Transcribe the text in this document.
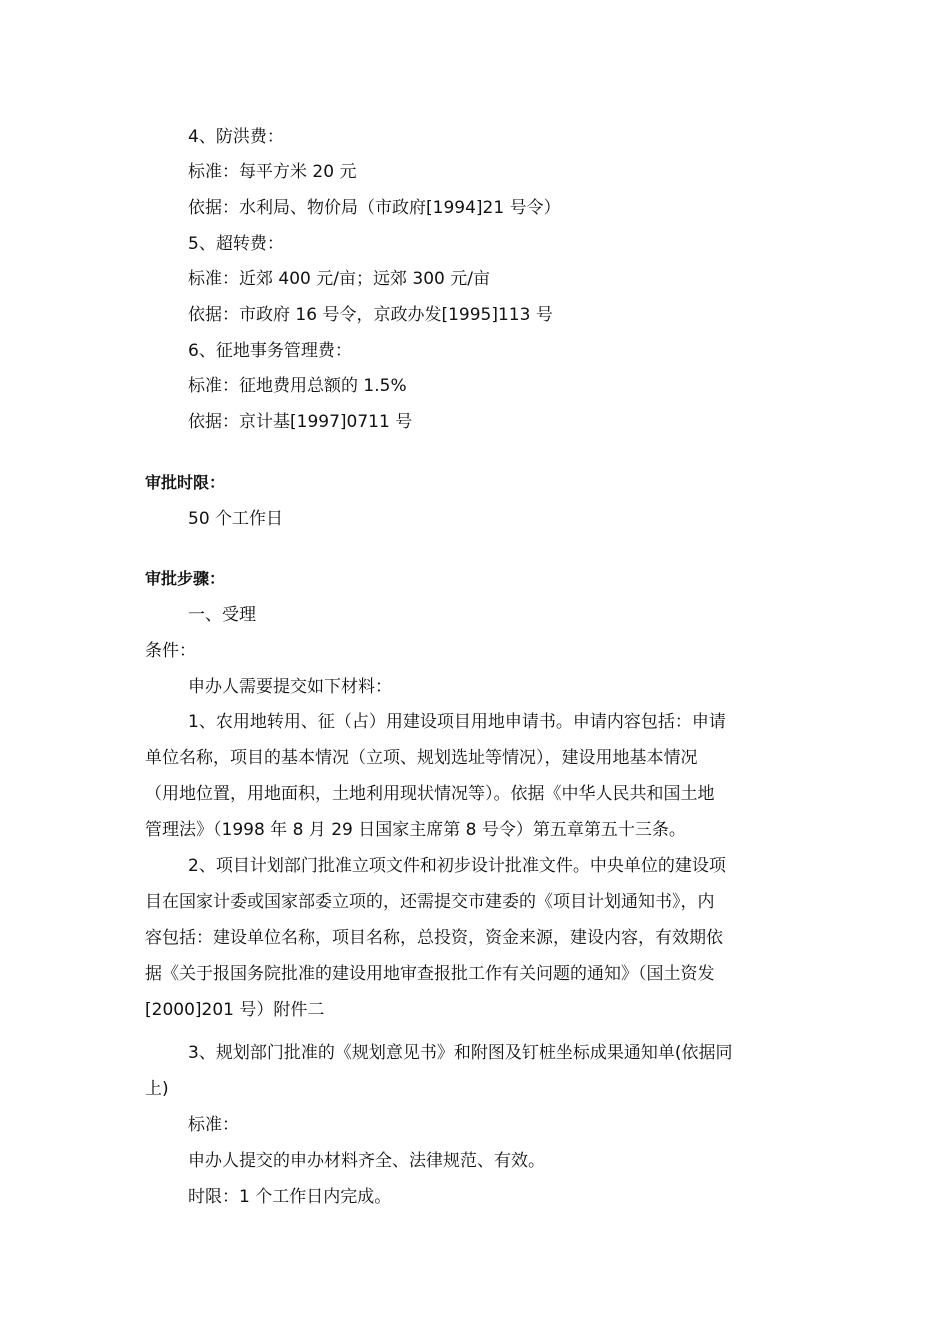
4、防洪费：
标准：每平方米 20 元
依据：水利局、物价局（市政府[1994]21 号令）
5、超转费：
标准：近郊 400 元/亩；远郊 300 元/亩
依据：市政府 16 号令，京政办发[1995]113 号
6、征地事务管理费：
标准：征地费用总额的 1.5%
依据：京计基[1997]0711 号
审批时限：
50 个工作日
审批步骤：
一、受理
条件：
申办人需要提交如下材料：
1、农用地转用、征（占）用建设项目用地申请书。申请内容包括：申请
单位名称，项目的基本情况（立项、规划选址等情况），建设用地基本情况
（用地位置，用地面积，土地利用现状情况等）。依据《中华人民共和国土地
管理法》（1998 年 8 月 29 日国家主席第 8 号令）第五章第五十三条。
2、项目计划部门批准立项文件和初步设计批准文件。中央单位的建设项
目在国家计委或国家部委立项的，还需提交市建委的《项目计划通知书》，内
容包括：建设单位名称，项目名称，总投资，资金来源，建设内容，有效期依
据《关于报国务院批准的建设用地审查报批工作有关问题的通知》（国土资发
[2000]201 号）附件二
3、规划部门批准的《规划意见书》和附图及钉桩坐标成果通知单(依据同
上)
标准：
申办人提交的申办材料齐全、法律规范、有效。
时限：1 个工作日内完成。
